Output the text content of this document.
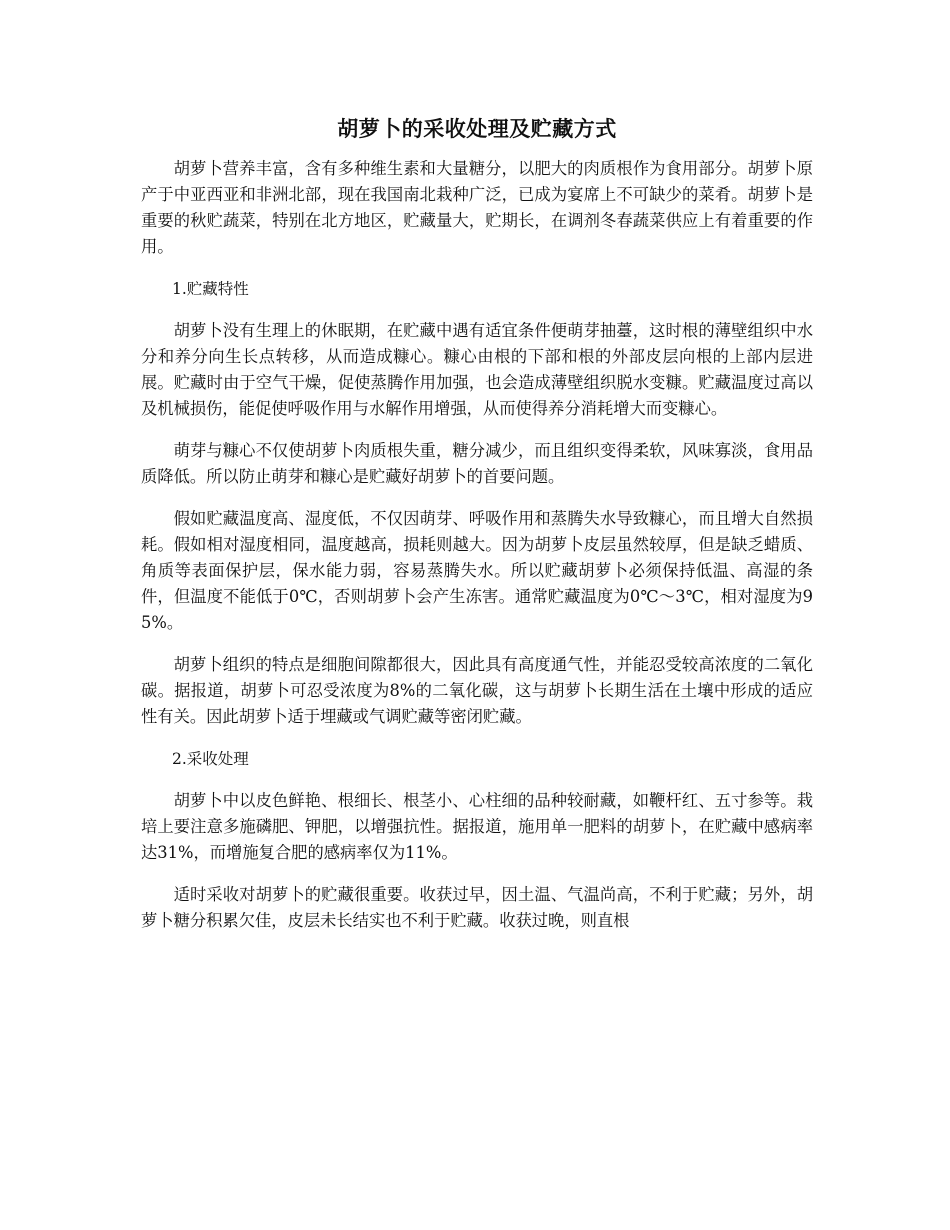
胡萝卜的采收处理及贮藏方式

胡萝卜营养丰富，含有多种维生素和大量糖分，以肥大的肉质根作为食用部分。胡萝卜原产于中亚西亚和非洲北部，现在我国南北栽种广泛，已成为宴席上不可缺少的菜肴。胡萝卜是重要的秋贮蔬菜，特别在北方地区，贮藏量大，贮期长，在调剂冬春蔬菜供应上有着重要的作用。

1.贮藏特性

胡萝卜没有生理上的休眠期，在贮藏中遇有适宜条件便萌芽抽薹，这时根的薄壁组织中水分和养分向生长点转移，从而造成糠心。糠心由根的下部和根的外部皮层向根的上部内层进展。贮藏时由于空气干燥，促使蒸腾作用加强，也会造成薄壁组织脱水变糠。贮藏温度过高以及机械损伤，能促使呼吸作用与水解作用增强，从而使得养分消耗增大而变糠心。

萌芽与糠心不仅使胡萝卜肉质根失重，糖分减少，而且组织变得柔软，风味寡淡，食用品质降低。所以防止萌芽和糠心是贮藏好胡萝卜的首要问题。

假如贮藏温度高、湿度低，不仅因萌芽、呼吸作用和蒸腾失水导致糠心，而且增大自然损耗。假如相对湿度相同，温度越高，损耗则越大。因为胡萝卜皮层虽然较厚，但是缺乏蜡质、角质等表面保护层，保水能力弱，容易蒸腾失水。所以贮藏胡萝卜必须保持低温、高湿的条件，但温度不能低于0℃，否则胡萝卜会产生冻害。通常贮藏温度为0℃～3℃，相对湿度为95%。

胡萝卜组织的特点是细胞间隙都很大，因此具有高度通气性，并能忍受较高浓度的二氧化碳。据报道，胡萝卜可忍受浓度为8%的二氧化碳，这与胡萝卜长期生活在土壤中形成的适应性有关。因此胡萝卜适于埋藏或气调贮藏等密闭贮藏。

2.采收处理

胡萝卜中以皮色鲜艳、根细长、根茎小、心柱细的品种较耐藏，如鞭杆红、五寸参等。栽培上要注意多施磷肥、钾肥，以增强抗性。据报道，施用单一肥料的胡萝卜，在贮藏中感病率达31%，而增施复合肥的感病率仅为11%。

适时采收对胡萝卜的贮藏很重要。收获过早，因土温、气温尚高，不利于贮藏；另外，胡萝卜糖分积累欠佳，皮层未长结实也不利于贮藏。收获过晚，则直根
